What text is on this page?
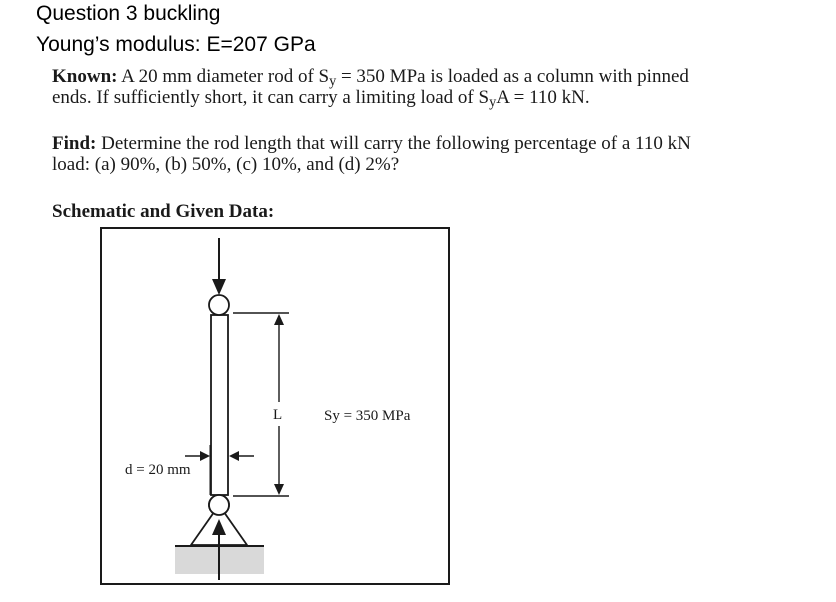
Question 3 buckling
Young’s modulus: E=207 GPa
Known: A 20 mm diameter rod of $S_y = 350$ MPa is loaded as a column with pinned
ends. If sufficiently short, it can carry a limiting load of $S_yA = 110$ kN.
Find: Determine the rod length that will carry the following percentage of a 110 kN
load: (a) 90%, (b) 50%, (c) 10%, and (d) 2%?
Schematic and Given Data:
L	Sy = 350 MPa
d = 20 mm
